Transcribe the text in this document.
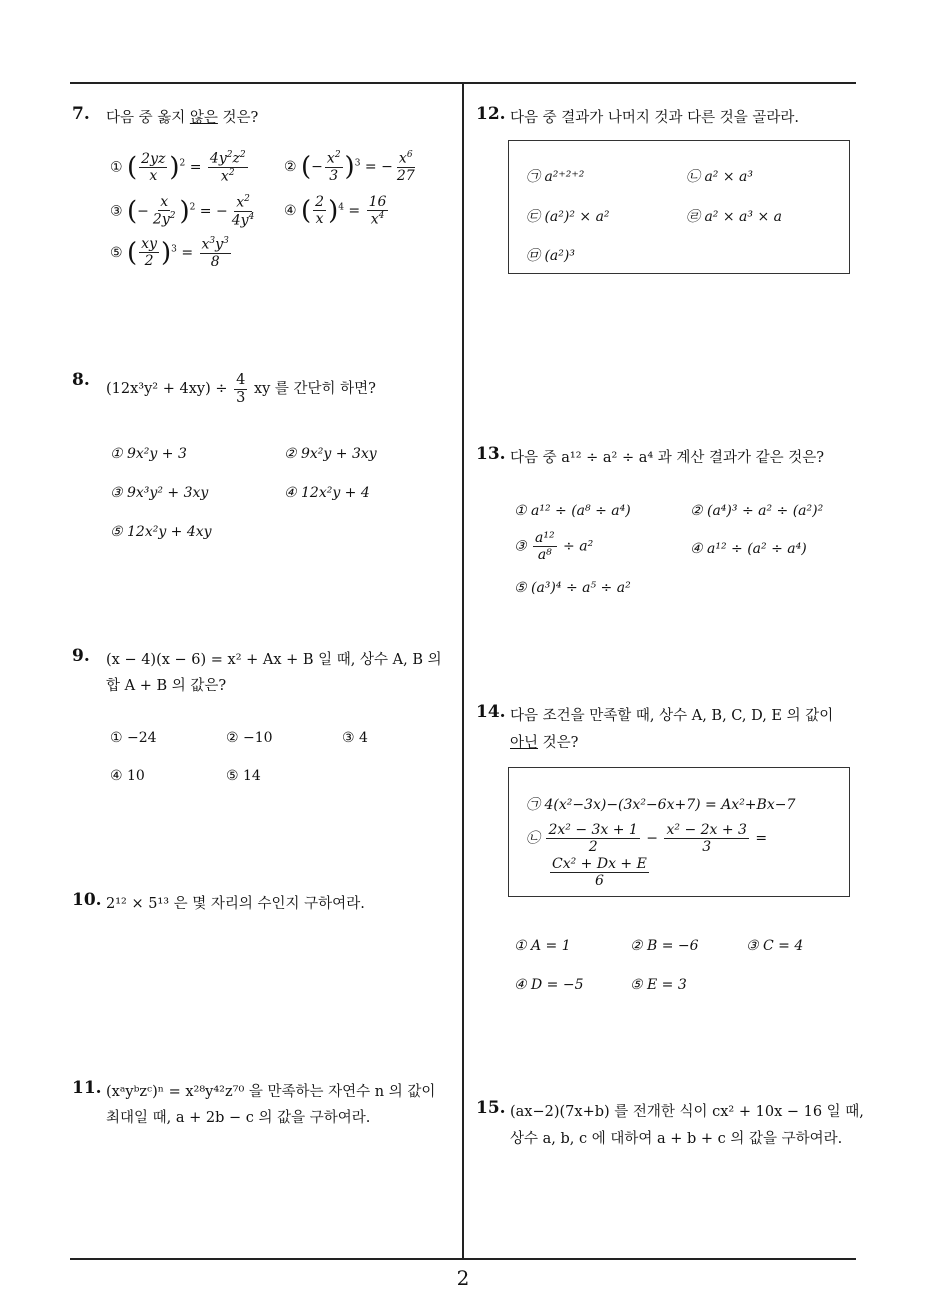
7. 다음 중 옳지 않은 것은?
① ( $\frac{2yz}{x} )^2 = \frac{4y^2z^2}{x^2}$	② (− $\frac{x^2}{3} )^3$ = − $\frac{x^6}{27}$
③ (− $\frac{x}{2y^2} )^2$ = − $\frac{x^2}{4y^4}$ ④ ( $\frac{2}{x} )^4 = \frac{16}{x^4}$
⑤ ( $\frac{xy}{2} )^3 = \frac{x^3y^3}{8}$
8. $(12x^3y^2 + 4xy) \div \frac{4}{3}$ xy 를 간단히 하면?
① 9x²y + 3	② 9x²y + 3xy
③ 9x³y² + 3xy	④ 12x²y + 4
⑤ 12x²y + 4xy
9. (x − 4)(x − 6) = x² + Ax + B 일 때, 상수 A, B 의
합 A + B 의 값은?
① −24	② −10	③ 4
④ 10	⑤ 14
10. 2¹² × 5¹³ 은 몇 자리의 수인지 구하여라.
11. (xᵃyᵇzᶜ)ⁿ = x²⁸y⁴²z⁷⁰ 을 만족하는 자연수 n 의 값이
최대일 때, a + 2b − c 의 값을 구하여라.
12. 다음 중 결과가 나머지 것과 다른 것을 골라라.
㉠ a²⁺²⁺²	㉡ a² × a³
㉢ (a²)² × a²	㉣ a² × a³ × a
㉤ (a²)³
13. 다음 중 a¹² ÷ a² ÷ a⁴ 과 계산 결과가 같은 것은?
① a¹² ÷ (a⁸ ÷ a⁴)	② (a⁴)³ ÷ a² ÷ (a²)²
③ $\frac{\text{a¹²}}{\text{a⁸}} \div a^2$	④ a¹² ÷ (a² ÷ a⁴)
⑤ (a³)⁴ ÷ a⁵ ÷ a²
14. 다음 조건을 만족할 때, 상수 A, B, C, D, E 의 값이
아닌 것은?
㉠ 4(x²−3x)−(3x²−6x+7) = Ax²+Bx−7
㉡ $\frac{\text{2x² − 3x + 1}}{2} - \frac{\text{x² − 2x + 3}}{3}$ =
$\frac{\text{Cx² + Dx + E}}{6}$
① A = 1	② B = −6	③ C = 4
④ D = −5	⑤ E = 3
15. (ax−2)(7x+b) 를 전개한 식이 cx² + 10x − 16 일 때,
상수 a, b, c 에 대하여 a + b + c 의 값을 구하여라.
2
